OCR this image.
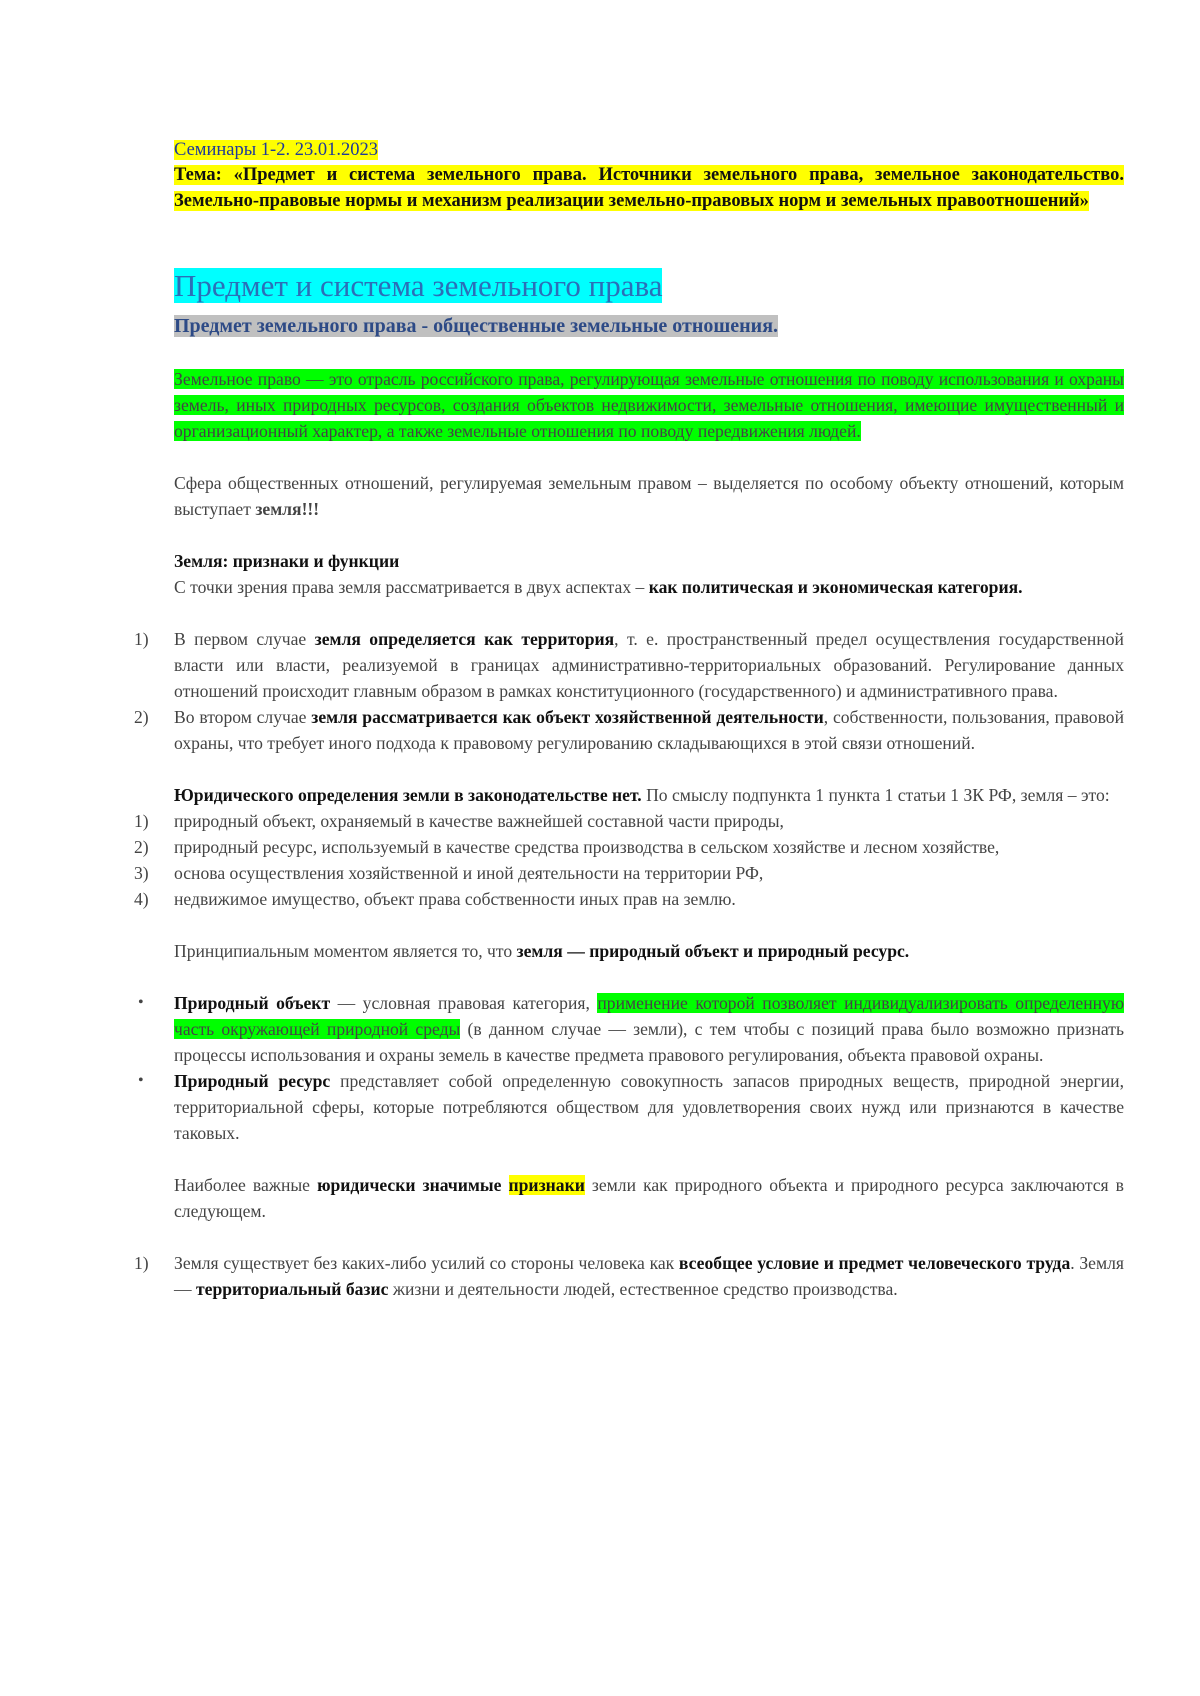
Семинары 1-2. 23.01.2023

Тема: «Предмет и система земельного права. Источники земельного права, земельное законодательство. Земельно-правовые нормы и механизм реализации земельно-правовых норм и земельных правоотношений»

Предмет и система земельного права

Предмет земельного права - общественные земельные отношения.

Земельное право — это отрасль российского права, регулирующая земельные отношения по поводу использования и охраны земель, иных природных ресурсов, создания объектов недвижимости, земельные отношения, имеющие имущественный и организационный характер, а также земельные отношения по поводу передвижения людей.

Сфера общественных отношений, регулируемая земельным правом – выделяется по особому объекту отношений, которым выступает земля!!!

Земля: признаки и функции

С точки зрения права земля рассматривается в двух аспектах – как политическая и экономическая категория.

1) В первом случае земля определяется как территория, т. е. пространственный предел осуществления государственной власти или власти, реализуемой в границах административно-территориальных образований. Регулирование данных отношений происходит главным образом в рамках конституционного (государственного) и административного права.
2) Во втором случае земля рассматривается как объект хозяйственной деятельности, собственности, пользования, правовой охраны, что требует иного подхода к правовому регулированию складывающихся в этой связи отношений.

Юридического определения земли в законодательстве нет. По смыслу подпункта 1 пункта 1 статьи 1 ЗК РФ, земля – это:

1) природный объект, охраняемый в качестве важнейшей составной части природы,
2) природный ресурс, используемый в качестве средства производства в сельском хозяйстве и лесном хозяйстве,
3) основа осуществления хозяйственной и иной деятельности на территории РФ,
4) недвижимое имущество, объект права собственности иных прав на землю.

Принципиальным моментом является то, что земля — природный объект и природный ресурс.

• Природный объект — условная правовая категория, применение которой позволяет индивидуализировать определенную часть окружающей природной среды (в данном случае — земли), с тем чтобы с позиций права было возможно признать процессы использования и охраны земель в качестве предмета правового регулирования, объекта правовой охраны.
• Природный ресурс представляет собой определенную совокупность запасов природных веществ, природной энергии, территориальной сферы, которые потребляются обществом для удовлетворения своих нужд или признаются в качестве таковых.

Наиболее важные юридически значимые признаки земли как природного объекта и природного ресурса заключаются в следующем.

1) Земля существует без каких-либо усилий со стороны человека как всеобщее условие и предмет человеческого труда. Земля — территориальный базис жизни и деятельности людей, естественное средство производства.
